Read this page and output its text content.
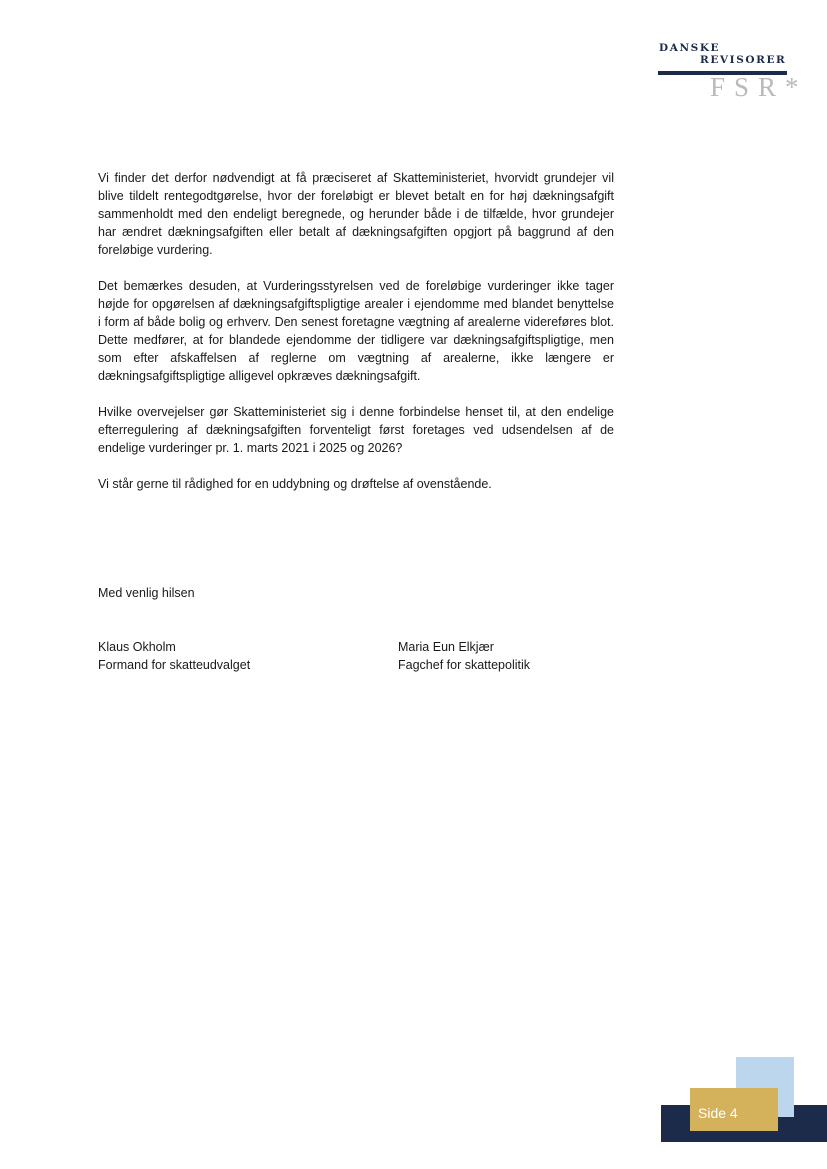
DANSKE
REVISORER
FSR*

Vi finder det derfor nødvendigt at få præciseret af Skatteministeriet, hvorvidt grundejer vil blive tildelt rentegodtgørelse, hvor der foreløbigt er blevet betalt en for høj dækningsafgift sammenholdt med den endeligt beregnede, og herunder både i de tilfælde, hvor grundejer har ændret dækningsafgiften eller betalt af dækningsafgiften opgjort på baggrund af den foreløbige vurdering.

Det bemærkes desuden, at Vurderingsstyrelsen ved de foreløbige vurderinger ikke tager højde for opgørelsen af dækningsafgiftspligtige arealer i ejendomme med blandet benyttelse i form af både bolig og erhverv. Den senest foretagne vægtning af arealerne videreføres blot. Dette medfører, at for blandede ejendomme der tidligere var dækningsafgiftspligtige, men som efter afskaffelsen af reglerne om vægtning af arealerne, ikke længere er dækningsafgiftspligtige alligevel opkræves dækningsafgift.

Hvilke overvejelser gør Skatteministeriet sig i denne forbindelse henset til, at den endelige efterregulering af dækningsafgiften forventeligt først foretages ved udsendelsen af de endelige vurderinger pr. 1. marts 2021 i 2025 og 2026?

Vi står gerne til rådighed for en uddybning og drøftelse af ovenstående.

Med venlig hilsen

Klaus Okholm
Formand for skatteudvalget
Maria Eun Elkjær
Fagchef for skattepolitik
Side 4
